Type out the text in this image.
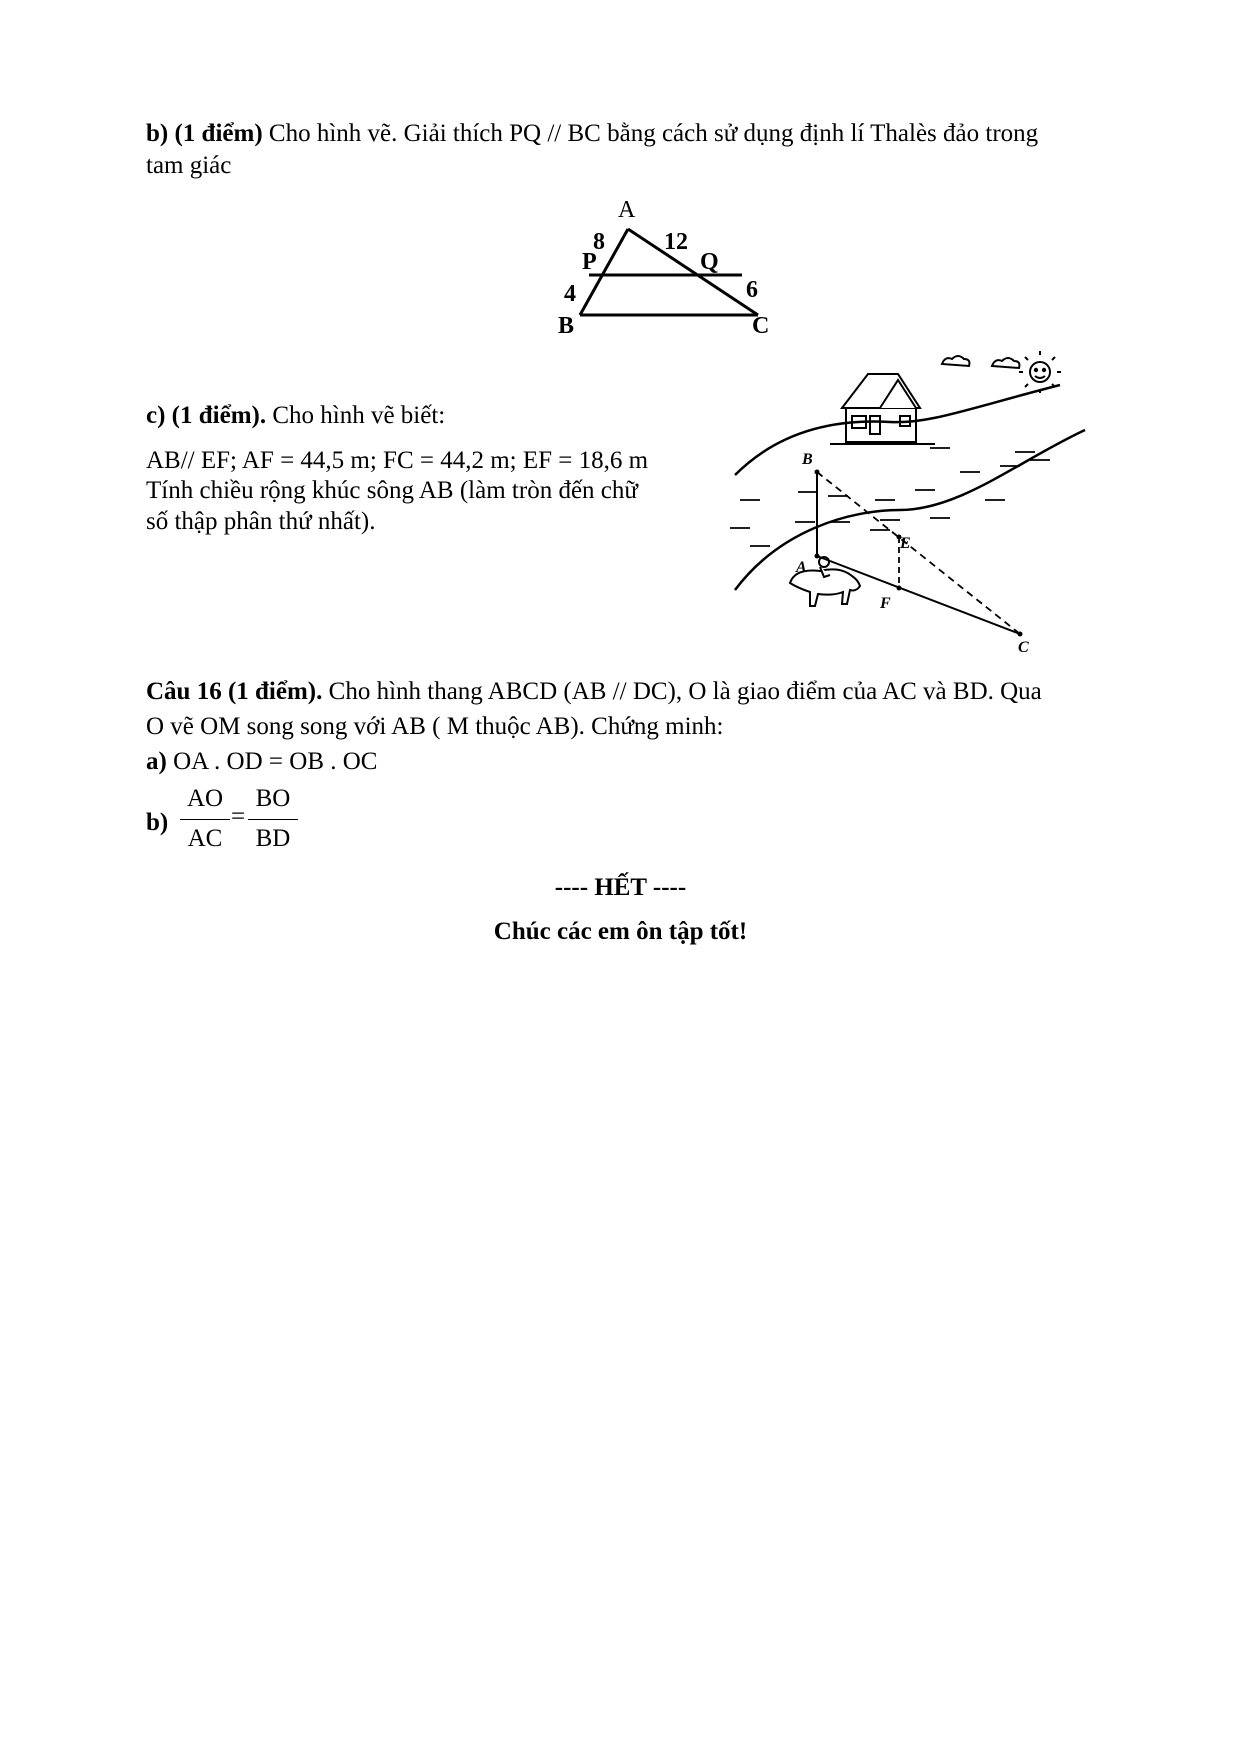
b) (1 điểm) Cho hình vẽ. Giải thích PQ // BC bằng cách sử dụng định lí Thalès đảo trong
tam giác
A
B	C
P	Q
8 12
4	6
c) (1 điểm). Cho hình vẽ biết:
AB// EF; AF = 44,5 m; FC = 44,2 m; EF = 18,6 m
Tính chiều rộng khúc sông AB (làm tròn đến chữ
số thập phân thứ nhất).
B
A
E
F
C
Câu 16 (1 điểm). Cho hình thang ABCD (AB // DC), O là giao điểm của AC và BD. Qua
O vẽ OM song song với AB ( M thuộc AB). Chứng minh:
a) OA . OD = OB . OC
b)
AO
AC
=
BO
BD
---- HẾT ----
Chúc các em ôn tập tốt!
